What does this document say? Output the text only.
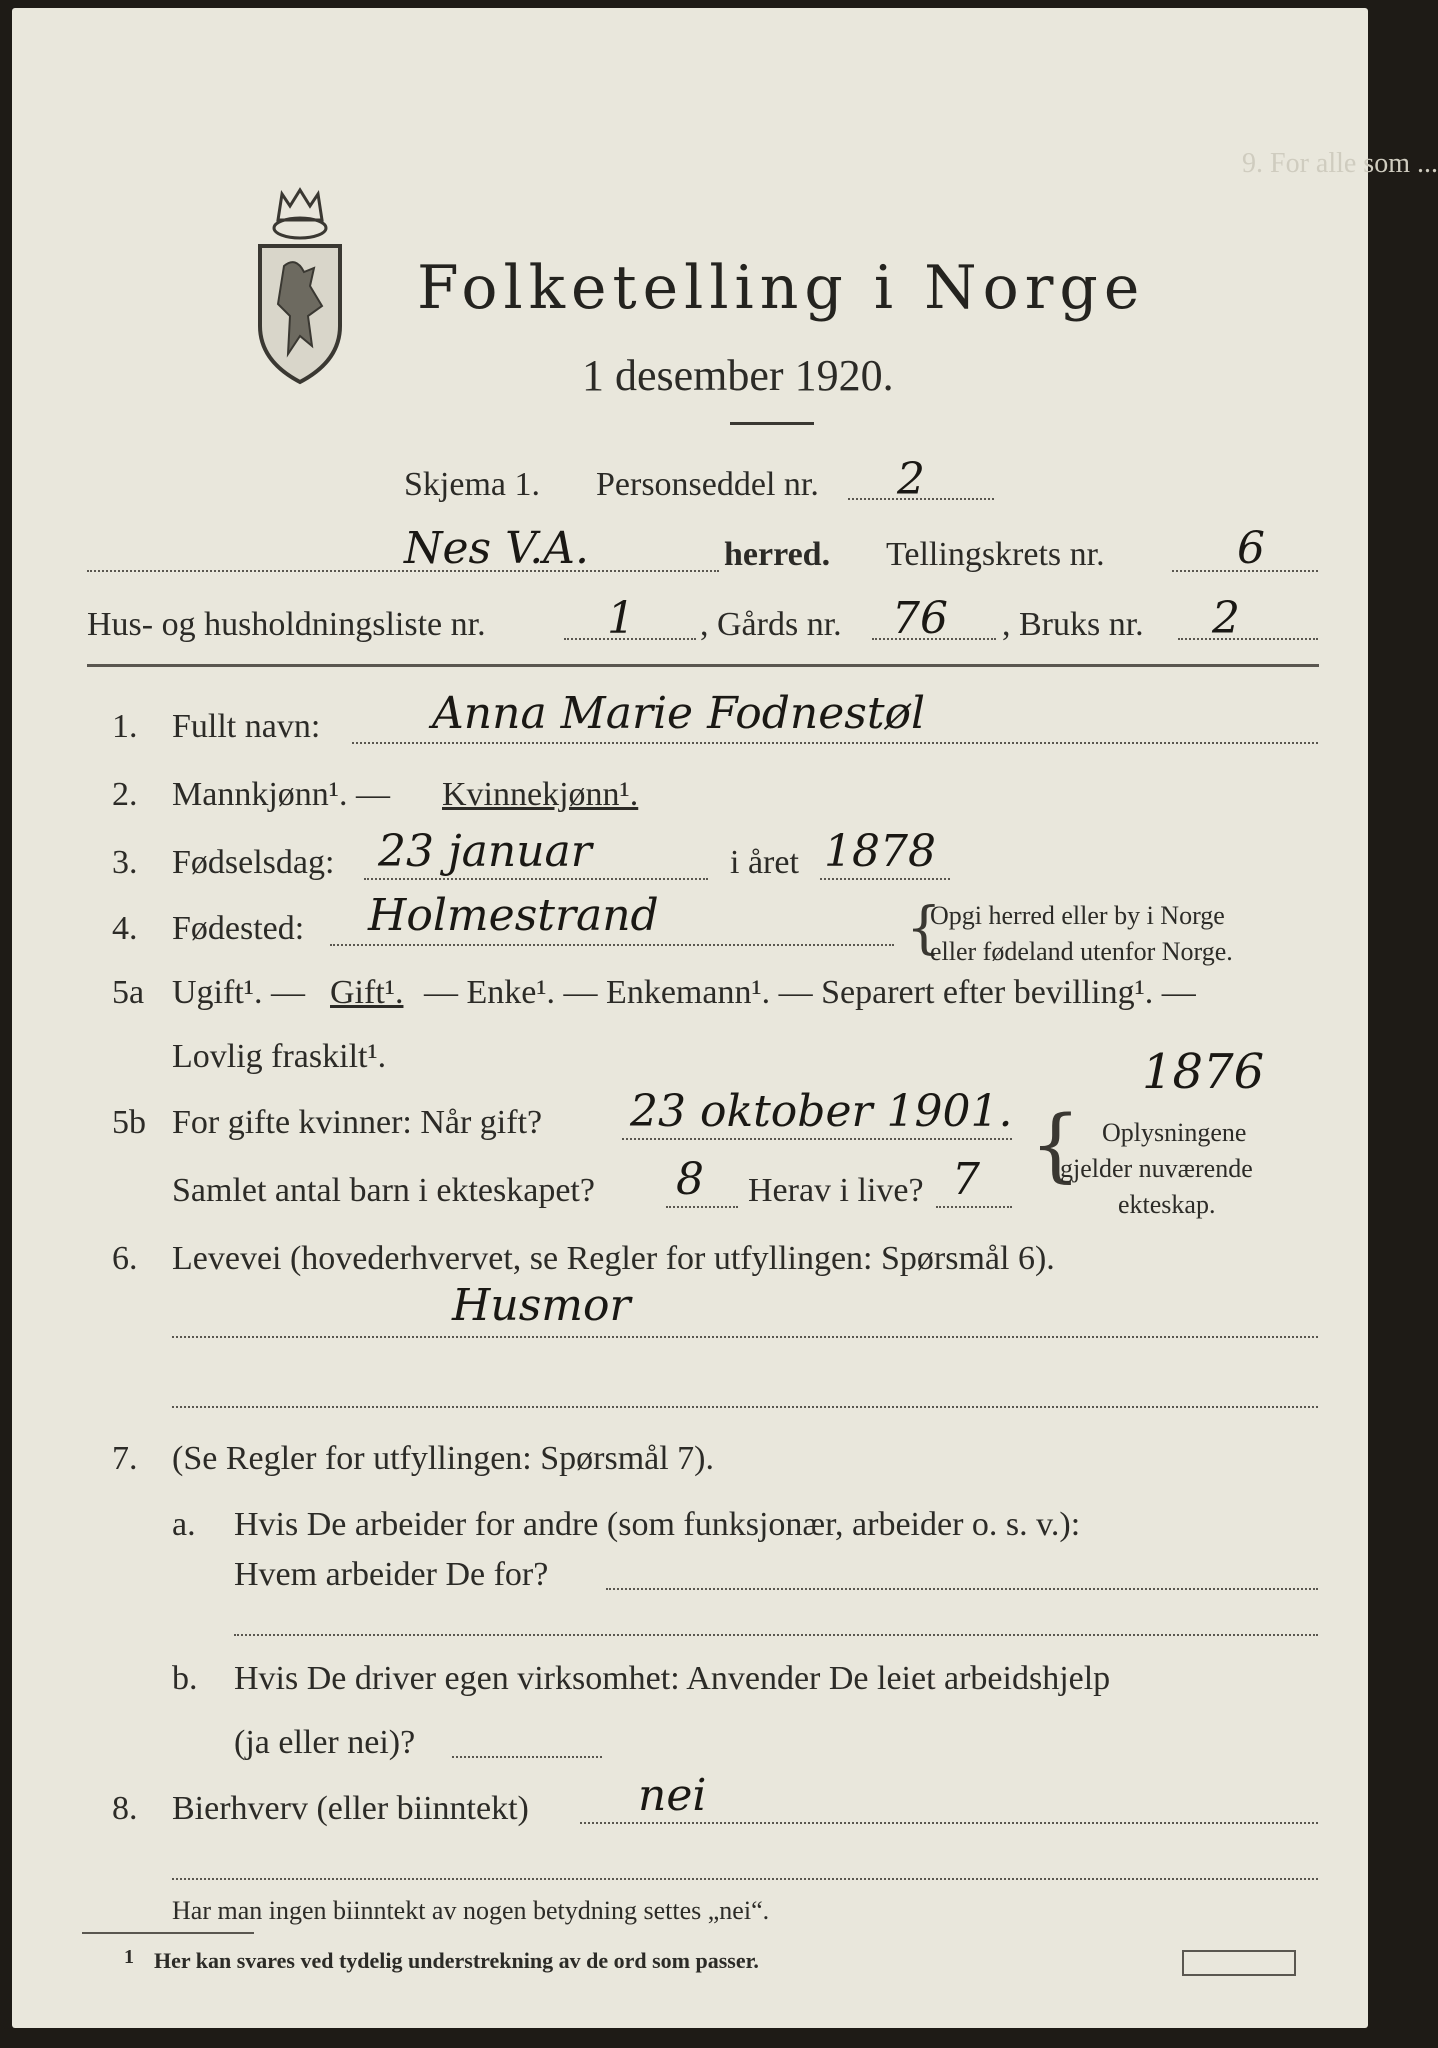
9. For alle som ...
Folketelling i Norge
1 desember 1920.
Skjema 1. Personseddel nr. 2
Nes V.A.	herred. Tellingskrets nr.	6
Hus- og husholdningsliste nr.	1 , Gårds nr. 76 , Bruks nr. 2
1. Fullt navn:	Anna Marie Fodnestøl
2. Mannkjønn¹. — Kvinnekjønn¹.
3. Fødselsdag: 23 januar	i året 1878
4. Fødested: Holmestrand	{
Opgi herred eller by i Norge
eller fødeland utenfor Norge.
5a Ugift¹. — Gift¹. — Enke¹. — Enkemann¹. — Separert efter bevilling¹. —
Lovlig fraskilt¹.
5b For gifte kvinner: Når gift? 23 oktober 1901.
1876
Samlet antal barn i ekteskapet? 8 Herav i live? 7 { Oplysningene
gjelder nuværende
ekteskap.
6. Levevei (hovederhvervet, se Regler for utfyllingen: Spørsmål 6).
Husmor
7. (Se Regler for utfyllingen: Spørsmål 7).
a. Hvis De arbeider for andre (som funksjonær, arbeider o. s. v.):
Hvem arbeider De for?
b. Hvis De driver egen virksomhet: Anvender De leiet arbeidshjelp
(ja eller nei)?
8. Bierhverv (eller biinntekt) nei
Har man ingen biinntekt av nogen betydning settes „nei“.
1 Her kan svares ved tydelig understrekning av de ord som passer.
